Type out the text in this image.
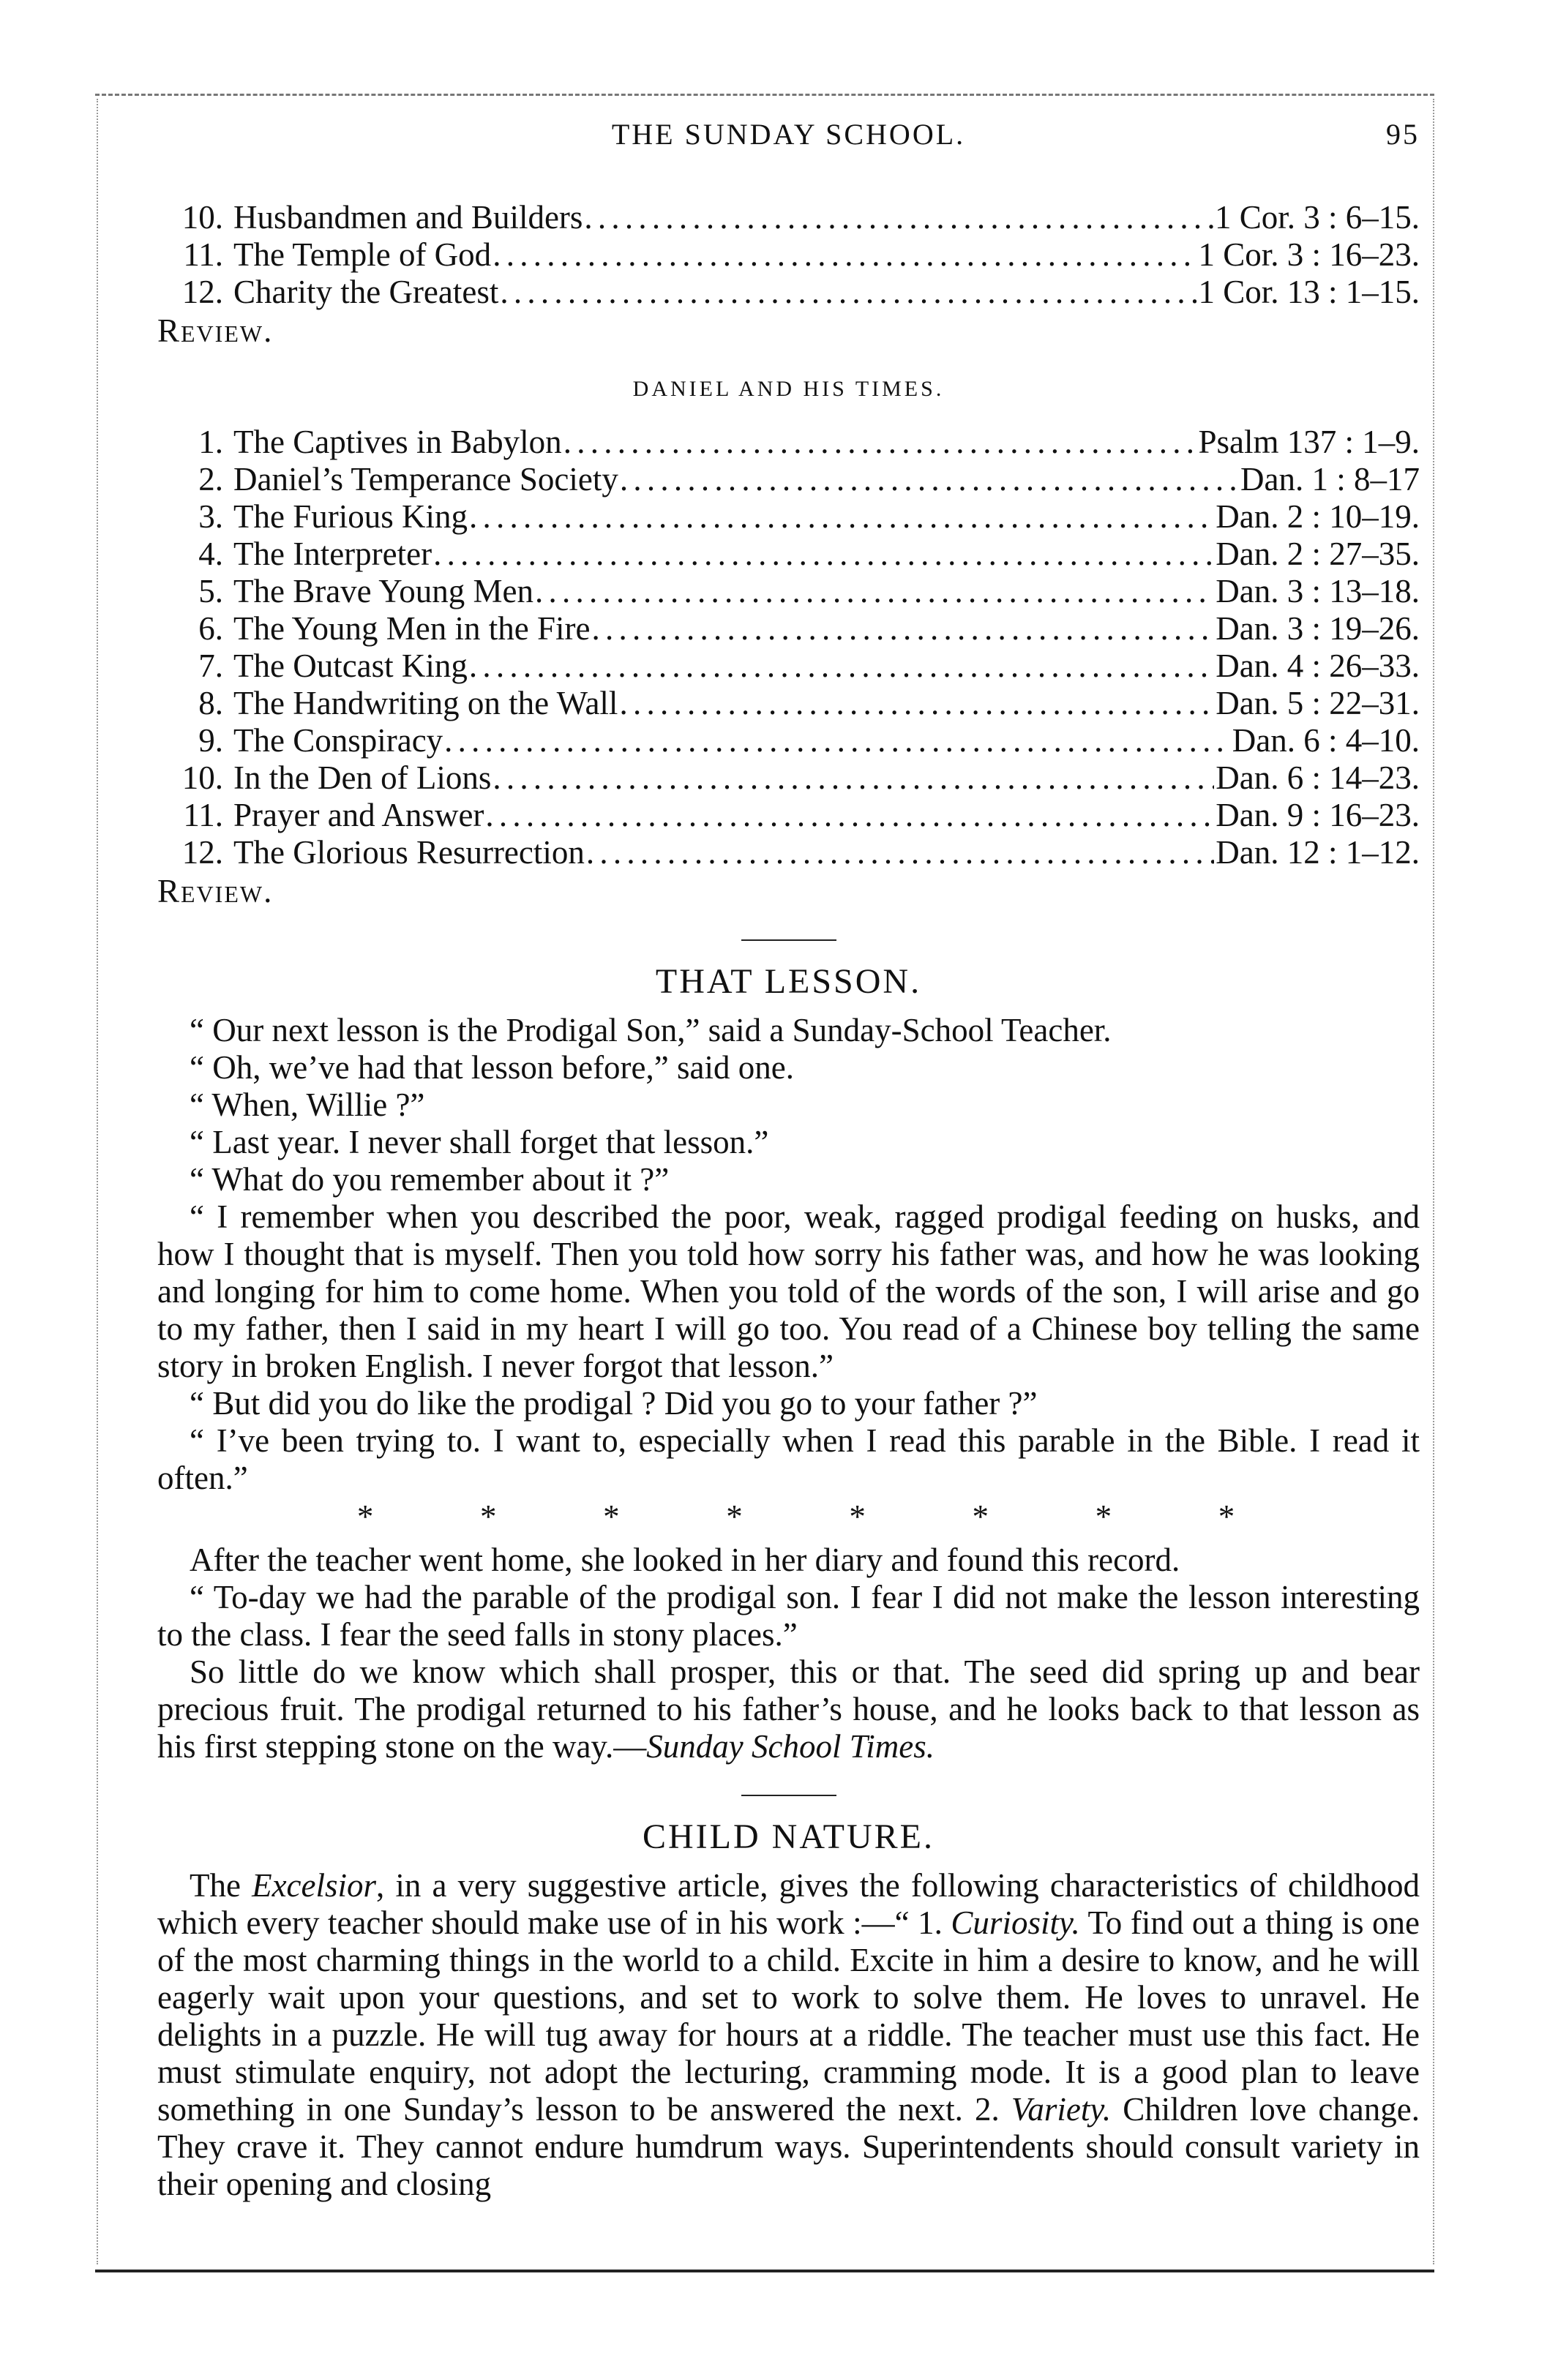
THE SUNDAY SCHOOL.	95
10. Husbandmen and Builders . . .	1 Cor. 3 : 6–15.
11. The Temple of God . . .	1 Cor. 3 : 16–23.
12. Charity the Greatest . . .	1 Cor. 13 : 1–15.
Review.
DANIEL AND HIS TIMES.
1. The Captives in Babylon . . .	Psalm 137 : 1–9.
2. Daniel’s Temperance Society . . .	Dan. 1 : 8–17
3. The Furious King . . .	Dan. 2 : 10–19.
4. The Interpreter . . .	Dan. 2 : 27–35.
5. The Brave Young Men . . .	Dan. 3 : 13–18.
6. The Young Men in the Fire . . .	Dan. 3 : 19–26.
7. The Outcast King . . .	Dan. 4 : 26–33.
8. The Handwriting on the Wall . . .	Dan. 5 : 22–31.
9. The Conspiracy . . .	Dan. 6 : 4–10.
10. In the Den of Lions . . .	Dan. 6 : 14–23.
11. Prayer and Answer . . .	Dan. 9 : 16–23.
12. The Glorious Resurrection . . .	Dan. 12 : 1–12.
Review.
THAT LESSON.

“ Our next lesson is the Prodigal Son,” said a Sunday-School Teacher.

“ Oh, we’ve had that lesson before,” said one.

“ When, Willie ?”

“ Last year. I never shall forget that lesson.”

“ What do you remember about it ?”

“ I remember when you described the poor, weak, ragged prodigal feeding on husks, and how I thought that is myself. Then you told how sorry his father was, and how he was looking and longing for him to come home. When you told of the words of the son, I will arise and go to my father, then I said in my heart I will go too. You read of a Chinese boy telling the same story in broken English. I never forgot that lesson.”

“ But did you do like the prodigal ? Did you go to your father ?”

“ I’ve been trying to. I want to, especially when I read this parable in the Bible. I read it often.”

*	*	*	*	*	*	*	*

After the teacher went home, she looked in her diary and found this record.

“ To-day we had the parable of the prodigal son. I fear I did not make the lesson interesting to the class. I fear the seed falls in stony places.”

So little do we know which shall prosper, this or that. The seed did spring up and bear precious fruit. The prodigal returned to his father’s house, and he looks back to that lesson as his first stepping stone on the way.—Sunday School Times.

CHILD NATURE.

The Excelsior, in a very suggestive article, gives the following characteristics of childhood which every teacher should make use of in his work :—“ 1. Curiosity. To find out a thing is one of the most charming things in the world to a child. Excite in him a desire to know, and he will eagerly wait upon your questions, and set to work to solve them. He loves to unravel. He delights in a puzzle. He will tug away for hours at a riddle. The teacher must use this fact. He must stimulate enquiry, not adopt the lecturing, cramming mode. It is a good plan to leave something in one Sunday’s lesson to be answered the next. 2. Variety. Children love change. They crave it. They cannot endure humdrum ways. Superintendents should consult variety in their opening and closing
